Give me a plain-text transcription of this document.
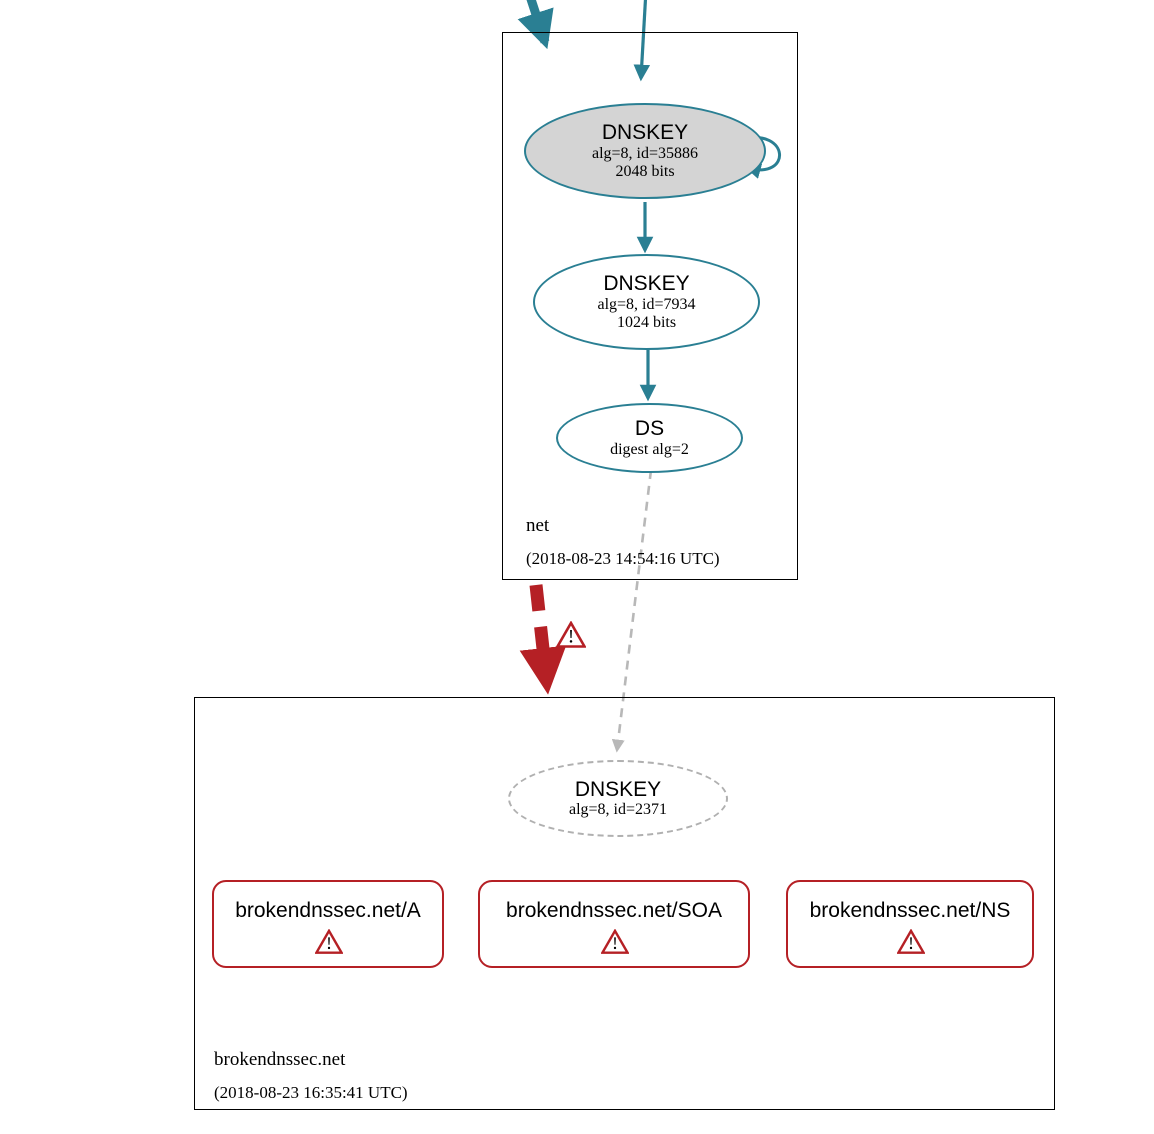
net
(2018-08-23 14:54:16 UTC)
DNSKEY
alg=8, id=35886
2048 bits
DNSKEY
alg=8, id=7934
1024 bits
DS
digest alg=2
brokendnssec.net
(2018-08-23 16:35:41 UTC)
DNSKEY
alg=8, id=2371
brokendnssec.net/A	brokendnssec.net/SOA	brokendnssec.net/NS
